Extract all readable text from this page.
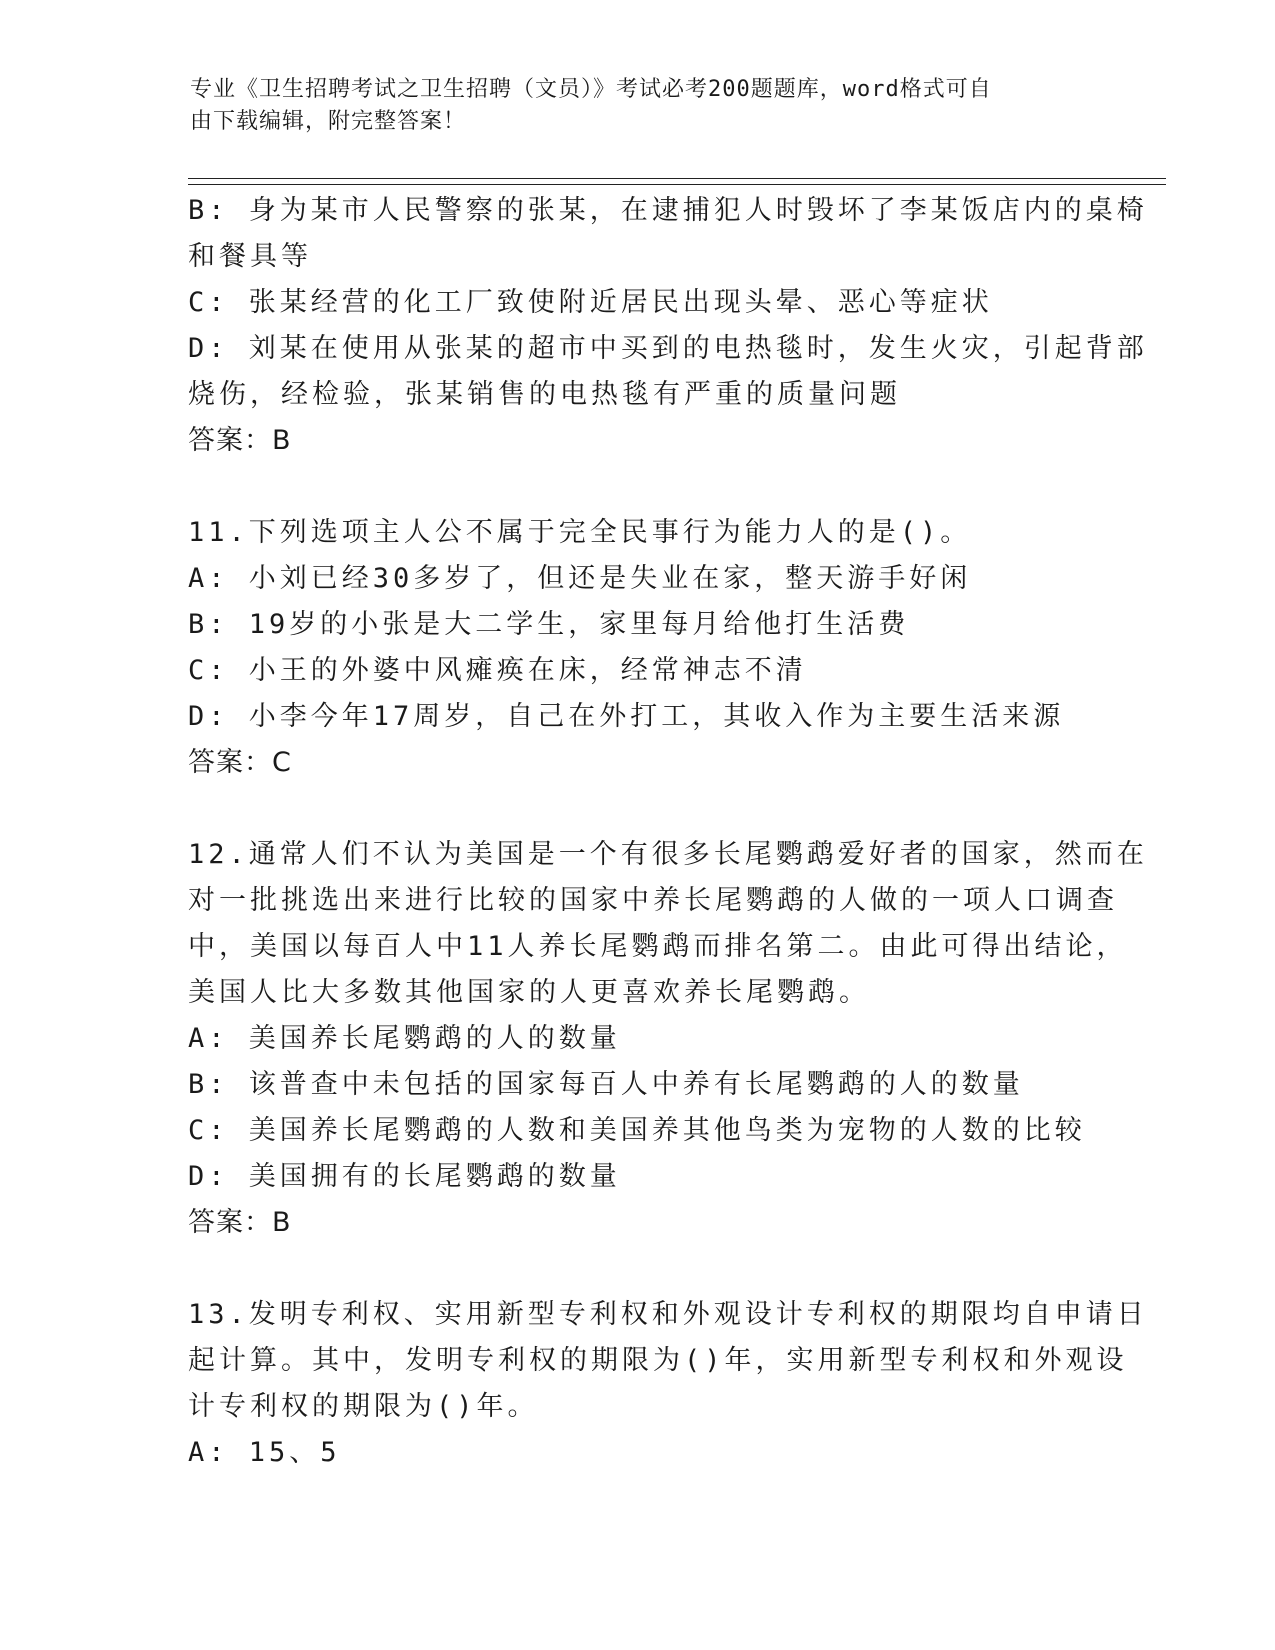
专业《卫生招聘考试之卫生招聘（文员）》考试必考200题题库，word格式可自
由下载编辑，附完整答案！
B: 身为某市人民警察的张某，在逮捕犯人时毁坏了李某饭店内的桌椅
和餐具等
C: 张某经营的化工厂致使附近居民出现头晕、恶心等症状
D: 刘某在使用从张某的超市中买到的电热毯时，发生火灾，引起背部
烧伤，经检验，张某销售的电热毯有严重的质量问题
答案：B
11.下列选项主人公不属于完全民事行为能力人的是()。
A: 小刘已经30多岁了，但还是失业在家，整天游手好闲
B: 19岁的小张是大二学生，家里每月给他打生活费
C: 小王的外婆中风瘫痪在床，经常神志不清
D: 小李今年17周岁，自己在外打工，其收入作为主要生活来源
答案：C
12.通常人们不认为美国是一个有很多长尾鹦鹉爱好者的国家，然而在
对一批挑选出来进行比较的国家中养长尾鹦鹉的人做的一项人口调查
中，美国以每百人中11人养长尾鹦鹉而排名第二。由此可得出结论，
美国人比大多数其他国家的人更喜欢养长尾鹦鹉。
A: 美国养长尾鹦鹉的人的数量
B: 该普查中未包括的国家每百人中养有长尾鹦鹉的人的数量
C: 美国养长尾鹦鹉的人数和美国养其他鸟类为宠物的人数的比较
D: 美国拥有的长尾鹦鹉的数量
答案：B
13.发明专利权、实用新型专利权和外观设计专利权的期限均自申请日
起计算。其中，发明专利权的期限为()年，实用新型专利权和外观设
计专利权的期限为()年。
A: 15、5
